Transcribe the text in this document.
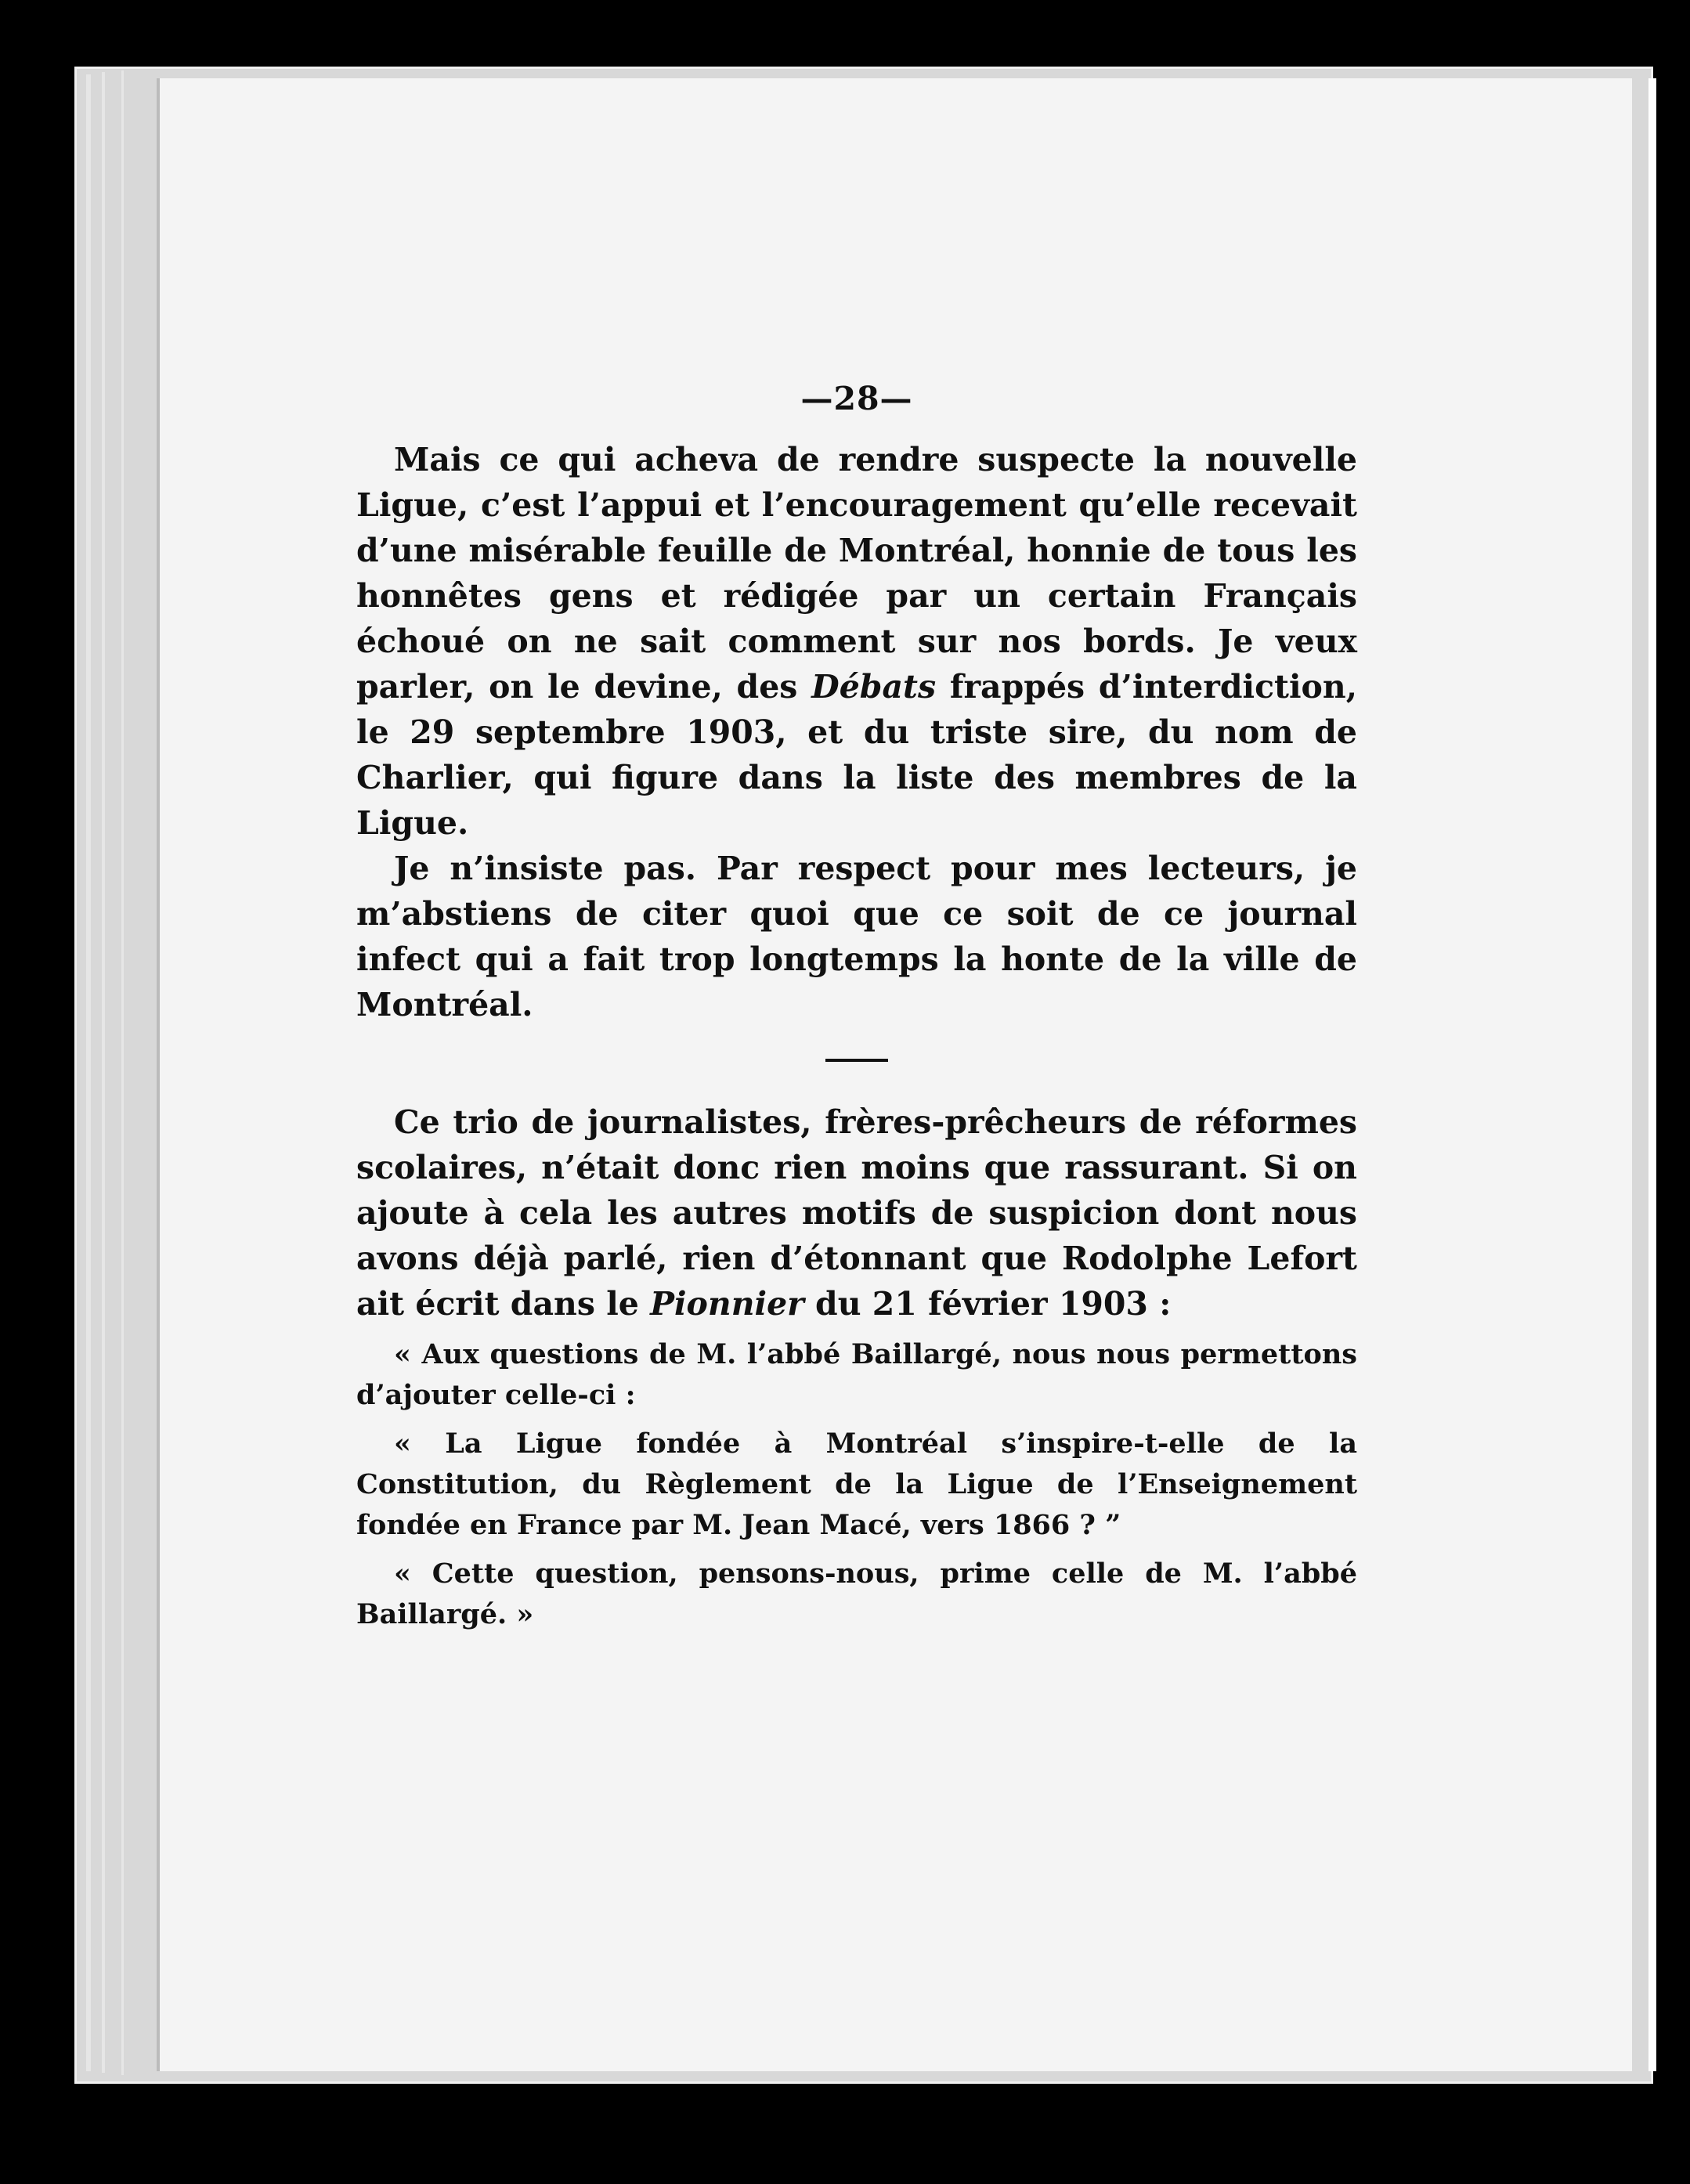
—28—

Mais ce qui acheva de rendre suspecte la nouvelle Ligue, c’est l’appui et l’encouragement qu’elle recevait d’une misérable feuille de Montréal, honnie de tous les honnêtes gens et rédigée par un certain Français échoué on ne sait comment sur nos bords. Je veux parler, on le devine, des Débats frappés d’interdiction, le 29 septembre 1903, et du triste sire, du nom de Charlier, qui figure dans la liste des membres de la Ligue.

Je n’insiste pas. Par respect pour mes lecteurs, je m’abstiens de citer quoi que ce soit de ce journal infect qui a fait trop longtemps la honte de la ville de Montréal.

Ce trio de journalistes, frères-prêcheurs de réformes scolaires, n’était donc rien moins que rassurant. Si on ajoute à cela les autres motifs de suspicion dont nous avons déjà parlé, rien d’étonnant que Rodolphe Lefort ait écrit dans le Pionnier du 21 février 1903 :

« Aux questions de M. l’abbé Baillargé, nous nous permettons d’ajouter celle-ci :

« La Ligue fondée à Montréal s’inspire-t-elle de la Constitution, du Règlement de la Ligue de l’Enseignement fondée en France par M. Jean Macé, vers 1866 ? ”

« Cette question, pensons-nous, prime celle de M. l’abbé Baillargé. »
